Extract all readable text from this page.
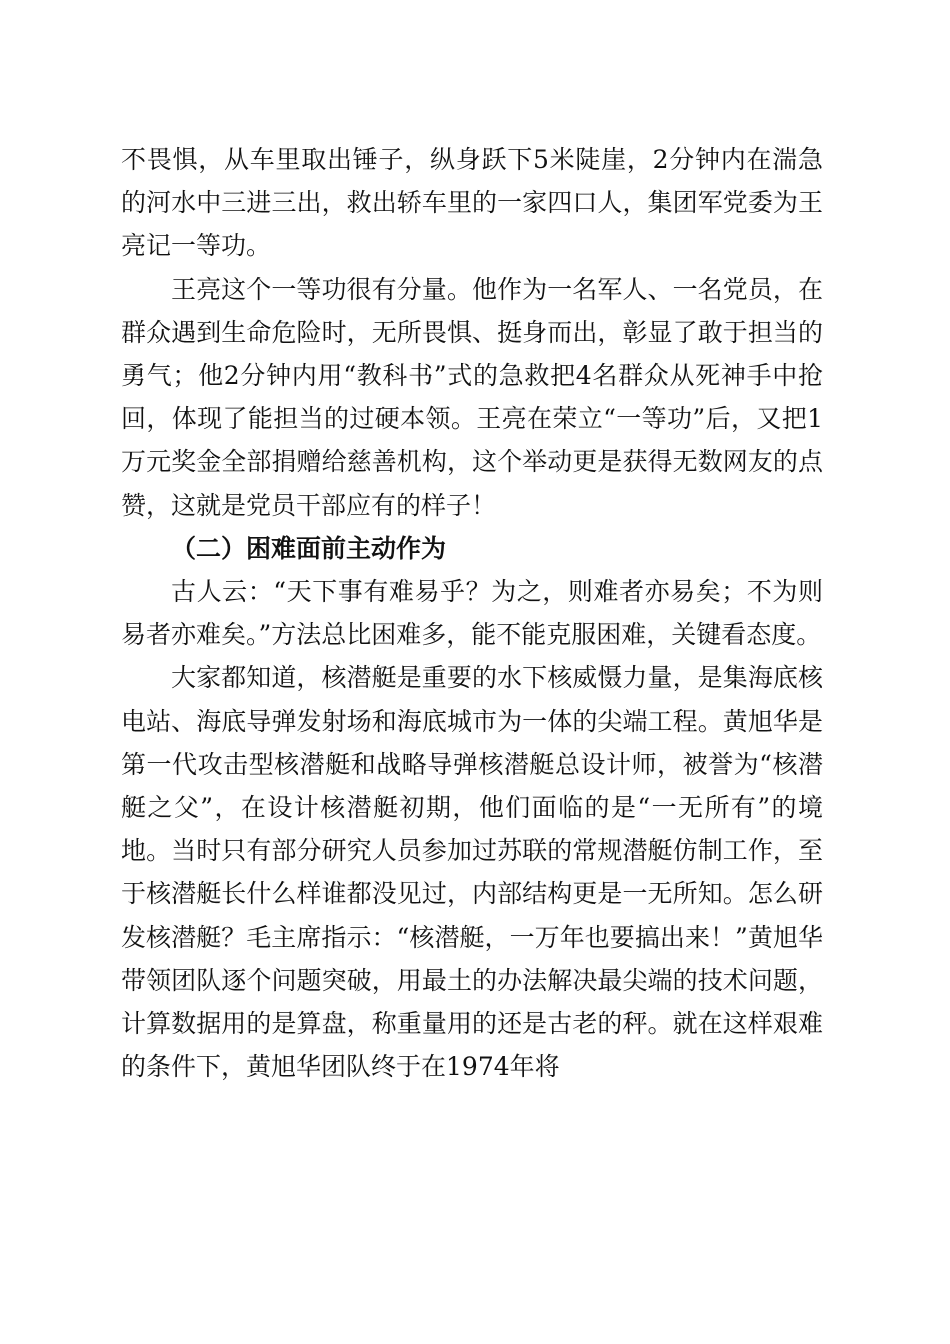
不畏惧，从车里取出锤子，纵身跃下5米陡崖，2分钟内在湍急的河水中三进三出，救出轿车里的一家四口人，集团军党委为王亮记一等功。

王亮这个一等功很有分量。他作为一名军人、一名党员，在群众遇到生命危险时，无所畏惧、挺身而出，彰显了敢于担当的勇气；他2分钟内用“教科书”式的急救把4名群众从死神手中抢回，体现了能担当的过硬本领。王亮在荣立“一等功”后，又把1万元奖金全部捐赠给慈善机构，这个举动更是获得无数网友的点赞，这就是党员干部应有的样子！

（二）困难面前主动作为

古人云：“天下事有难易乎？为之，则难者亦易矣；不为则易者亦难矣。”方法总比困难多，能不能克服困难，关键看态度。

大家都知道，核潜艇是重要的水下核威慑力量，是集海底核电站、海底导弹发射场和海底城市为一体的尖端工程。黄旭华是第一代攻击型核潜艇和战略导弹核潜艇总设计师，被誉为“核潜艇之父”，在设计核潜艇初期，他们面临的是“一无所有”的境地。当时只有部分研究人员参加过苏联的常规潜艇仿制工作，至于核潜艇长什么样谁都没见过，内部结构更是一无所知。怎么研发核潜艇？毛主席指示：“核潜艇，一万年也要搞出来！”黄旭华带领团队逐个问题突破，用最土的办法解决最尖端的技术问题，计算数据用的是算盘，称重量用的还是古老的秤。就在这样艰难的条件下，黄旭华团队终于在1974年将
